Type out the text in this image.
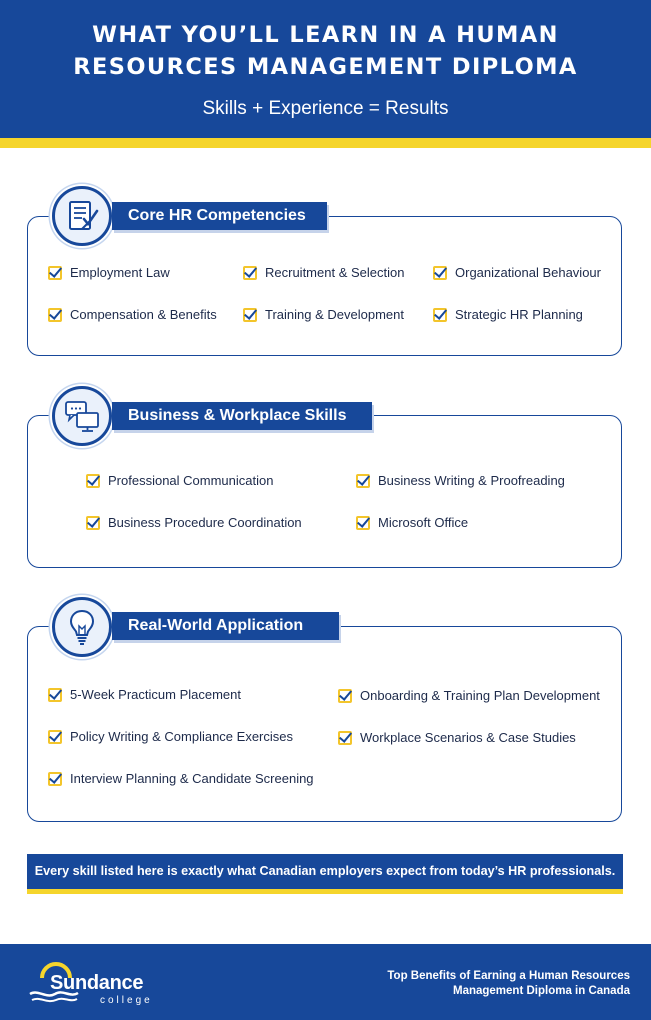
WHAT YOU’LL LEARN IN A HUMAN
RESOURCES MANAGEMENT DIPLOMA
Skills + Experience = Results
Core HR Competencies
Employment Law	Recruitment & Selection	Organizational Behaviour
Compensation & Benefits	Training & Development	Strategic HR Planning
Business & Workplace Skills
Professional Communication	Business Writing & Proofreading
Business Procedure Coordination	Microsoft Office
Real-World Application
5-Week Practicum Placement	Onboarding & Training Plan Development
Policy Writing & Compliance Exercises	Workplace Scenarios & Case Studies
Interview Planning & Candidate Screening
Every skill listed here is exactly what Canadian employers expect from today’s HR professionals.
Sundance
college
Top Benefits of Earning a Human Resources
Management Diploma in Canada
